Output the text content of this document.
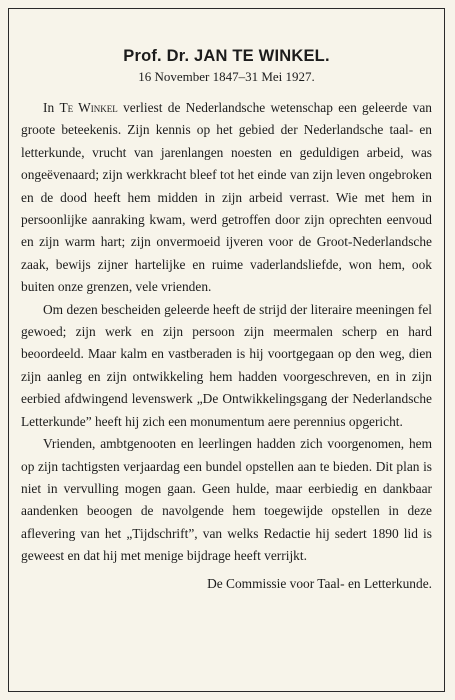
Prof. Dr. JAN TE WINKEL.
16 November 1847–31 Mei 1927.

In Te Winkel verliest de Nederlandsche wetenschap een geleerde van groote beteekenis. Zijn kennis op het gebied der Nederlandsche taal- en letterkunde, vrucht van jarenlangen noesten en geduldigen arbeid, was ongeëvenaard; zijn werkkracht bleef tot het einde van zijn leven ongebroken en de dood heeft hem midden in zijn arbeid verrast. Wie met hem in persoonlijke aanraking kwam, werd getroffen door zijn oprechten eenvoud en zijn warm hart; zijn onvermoeid ijveren voor de Groot-Nederlandsche zaak, bewijs zijner hartelijke en ruime vaderlandsliefde, won hem, ook buiten onze grenzen, vele vrienden.

Om dezen bescheiden geleerde heeft de strijd der literaire meeningen fel gewoed; zijn werk en zijn persoon zijn meermalen scherp en hard beoordeeld. Maar kalm en vastberaden is hij voortgegaan op den weg, dien zijn aanleg en zijn ontwikkeling hem hadden voorgeschreven, en in zijn eerbied afdwingend levenswerk „De Ontwikkelingsgang der Nederlandsche Letterkunde” heeft hij zich een monumentum aere perennius opgericht.

Vrienden, ambtgenooten en leerlingen hadden zich voorgenomen, hem op zijn tachtigsten verjaardag een bundel opstellen aan te bieden. Dit plan is niet in vervulling mogen gaan. Geen hulde, maar eerbiedig en dankbaar aandenken beoogen de navolgende hem toegewijde opstellen in deze aflevering van het „Tijdschrift”, van welks Redactie hij sedert 1890 lid is geweest en dat hij met menige bijdrage heeft verrijkt.

De Commissie voor Taal- en Letterkunde.
